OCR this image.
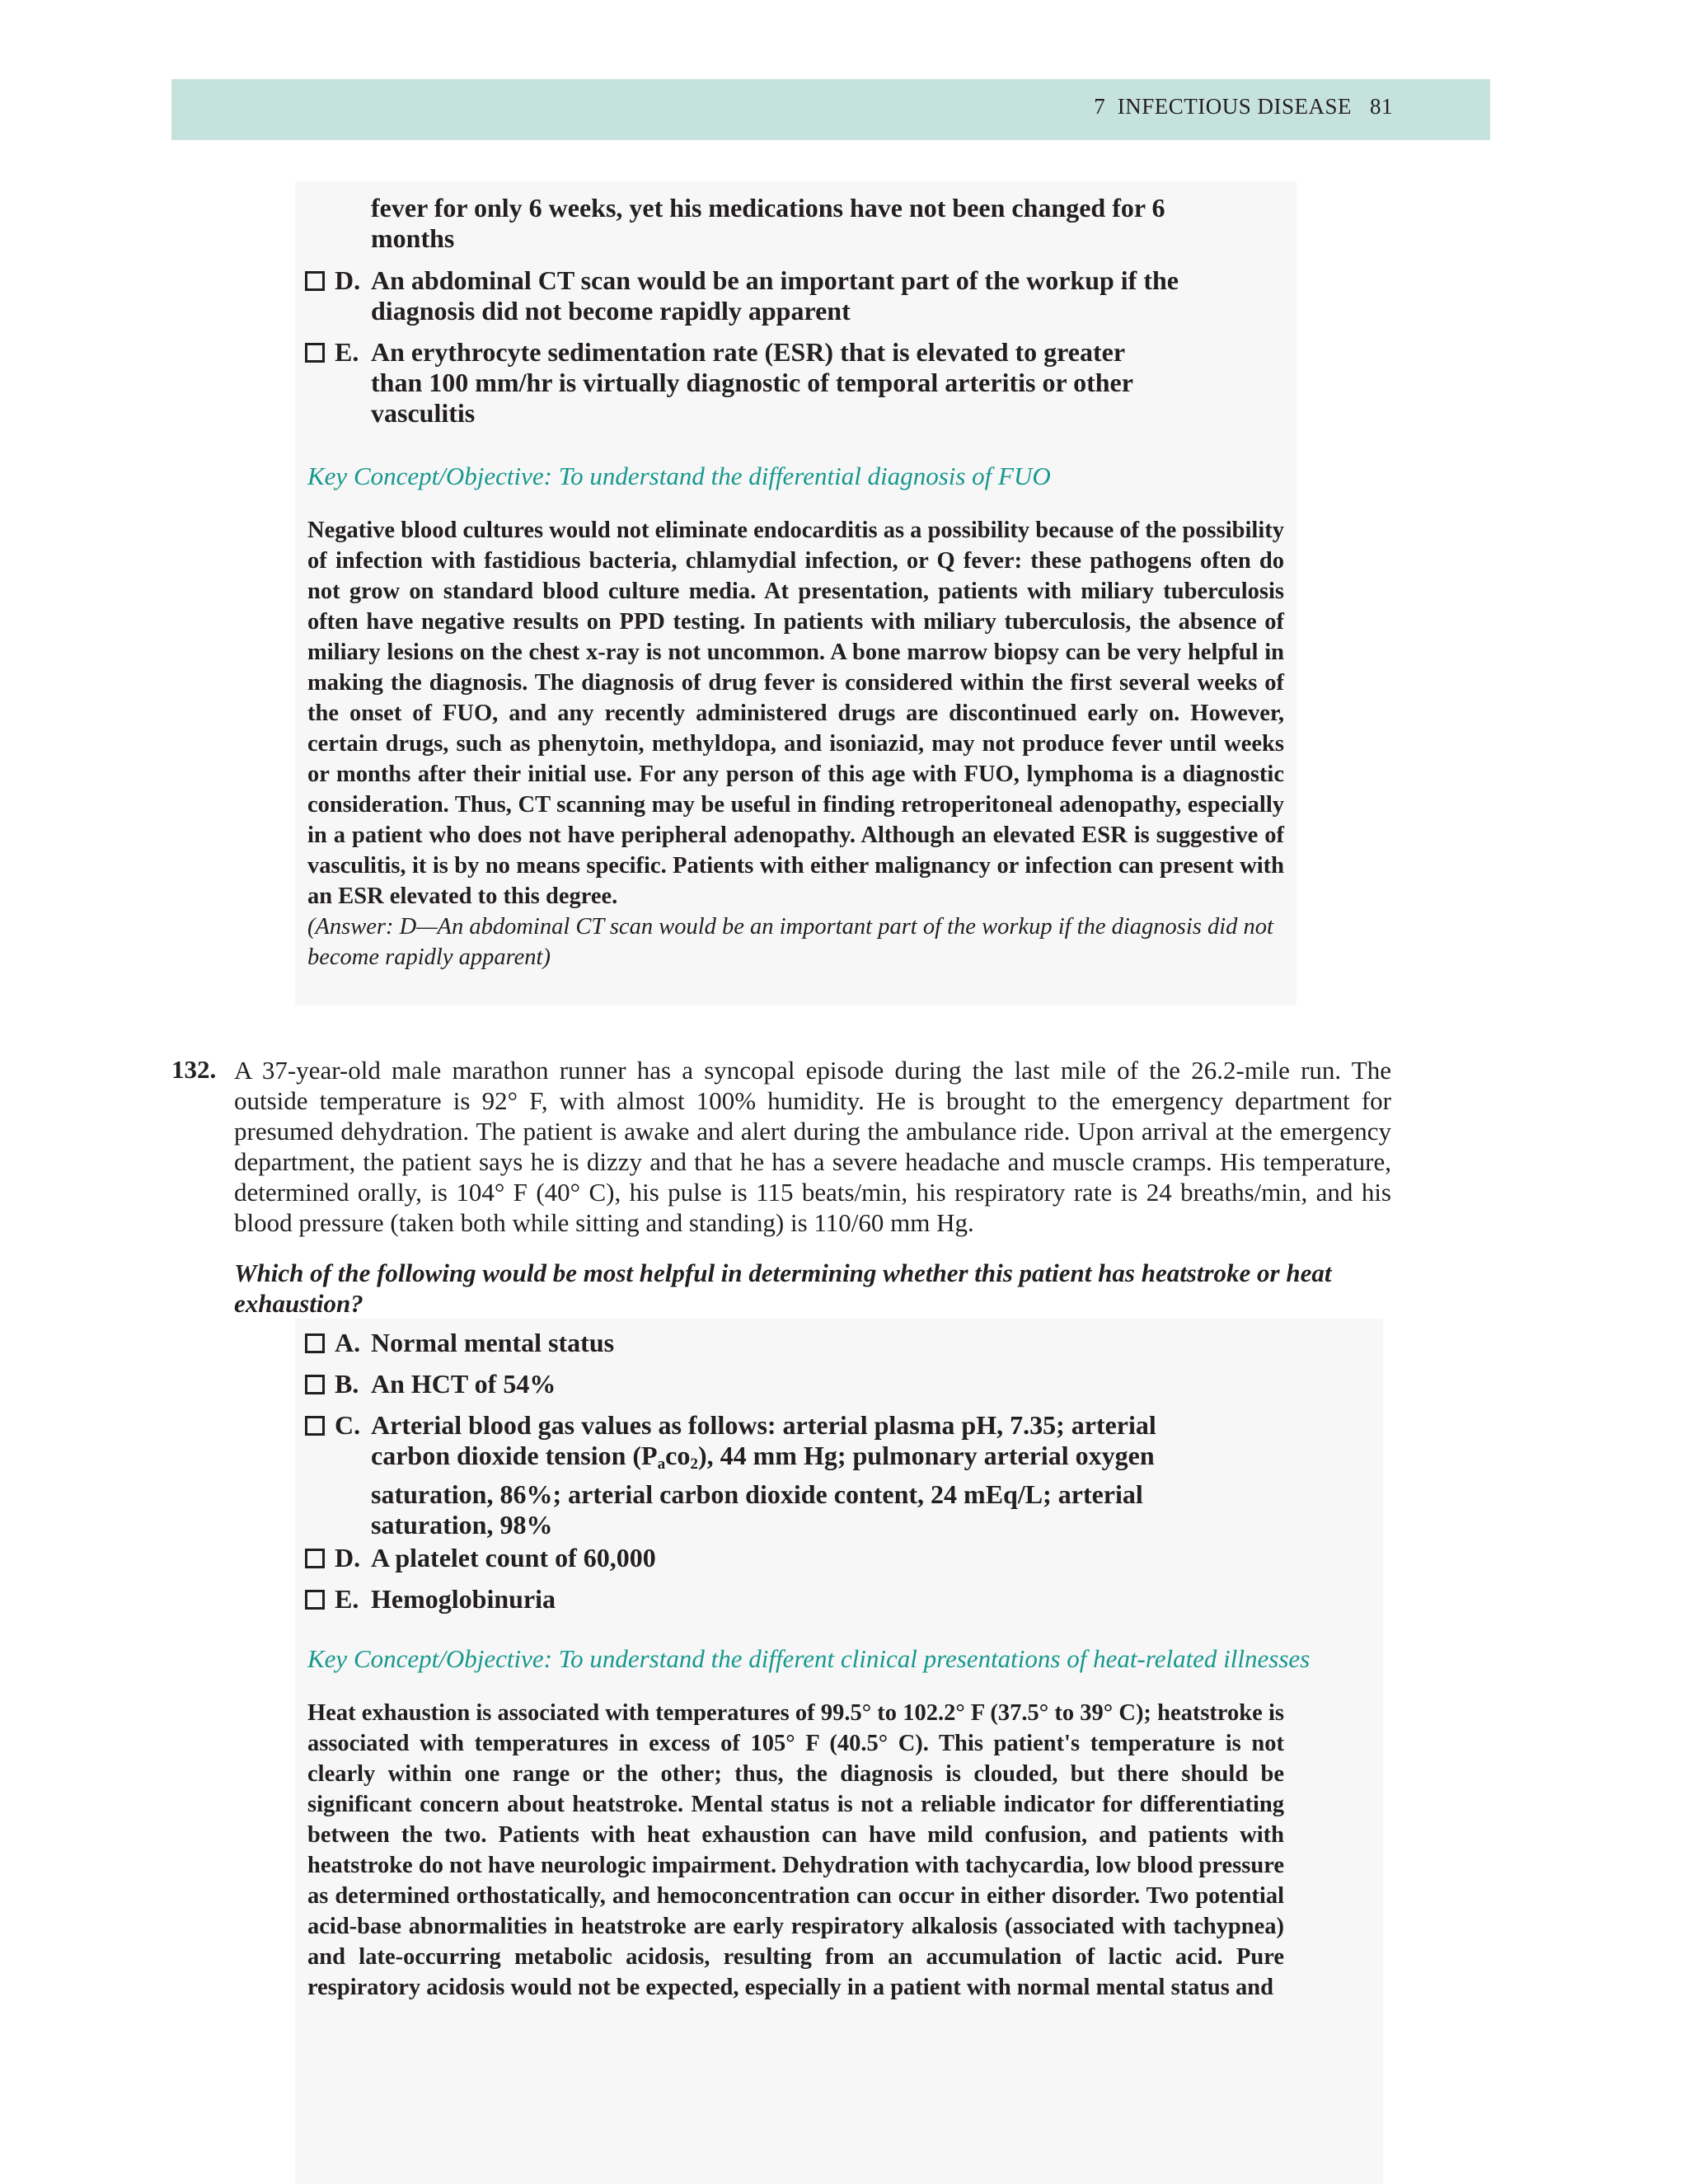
7  INFECTIOUS DISEASE 81
fever for only 6 weeks, yet his medications have not been changed for 6 months
D. An abdominal CT scan would be an important part of the workup if the diagnosis did not become rapidly apparent
E. An erythrocyte sedimentation rate (ESR) that is elevated to greater than 100 mm/hr is virtually diagnostic of temporal arteritis or other vasculitis
Key Concept/Objective: To understand the differential diagnosis of FUO
Negative blood cultures would not eliminate endocarditis as a possibility because of the possibility of infection with fastidious bacteria, chlamydial infection, or Q fever: these pathogens often do not grow on standard blood culture media. At presentation, patients with miliary tuberculosis often have negative results on PPD testing. In patients with miliary tuberculosis, the absence of miliary lesions on the chest x-ray is not uncommon. A bone marrow biopsy can be very helpful in making the diagnosis. The diagnosis of drug fever is considered within the first several weeks of the onset of FUO, and any recently administered drugs are discontinued early on. However, certain drugs, such as phenytoin, methyldopa, and isoniazid, may not produce fever until weeks or months after their initial use. For any person of this age with FUO, lymphoma is a diagnostic consideration. Thus, CT scanning may be useful in finding retroperitoneal adenopathy, especially in a patient who does not have peripheral adenopathy. Although an elevated ESR is suggestive of vasculitis, it is by no means specific. Patients with either malignancy or infection can present with an ESR elevated to this degree.
(Answer: D—An abdominal CT scan would be an important part of the workup if the diagnosis did not become rapidly apparent)
132. A 37-year-old male marathon runner has a syncopal episode during the last mile of the 26.2-mile run. The outside temperature is 92° F, with almost 100% humidity. He is brought to the emergency department for presumed dehydration. The patient is awake and alert during the ambulance ride. Upon arrival at the emergency department, the patient says he is dizzy and that he has a severe headache and muscle cramps. His temperature, determined orally, is 104° F (40° C), his pulse is 115 beats/min, his respiratory rate is 24 breaths/min, and his blood pressure (taken both while sitting and standing) is 110/60 mm Hg.
Which of the following would be most helpful in determining whether this patient has heatstroke or heat exhaustion?
A. Normal mental status
B. An HCT of 54%
C. Arterial blood gas values as follows: arterial plasma pH, 7.35; arterial carbon dioxide tension $(P_aco_2)$, 44 mm Hg; pulmonary arterial oxygen saturation, 86%; arterial carbon dioxide content, 24 mEq/L; arterial saturation, 98%
D. A platelet count of 60,000
E. Hemoglobinuria
Key Concept/Objective: To understand the different clinical presentations of heat-related illnesses
Heat exhaustion is associated with temperatures of 99.5° to 102.2° F (37.5° to 39° C); heatstroke is associated with temperatures in excess of 105° F (40.5° C). This patient's temperature is not clearly within one range or the other; thus, the diagnosis is clouded, but there should be significant concern about heatstroke. Mental status is not a reliable indicator for differentiating between the two. Patients with heat exhaustion can have mild confusion, and patients with heatstroke do not have neurologic impairment. Dehydration with tachycardia, low blood pressure as determined orthostatically, and hemoconcentration can occur in either disorder. Two potential acid-base abnormalities in heatstroke are early respiratory alkalosis (associated with tachypnea) and late-occurring metabolic acidosis, resulting from an accumulation of lactic acid. Pure respiratory acidosis would not be expected, especially in a patient with normal mental status and
